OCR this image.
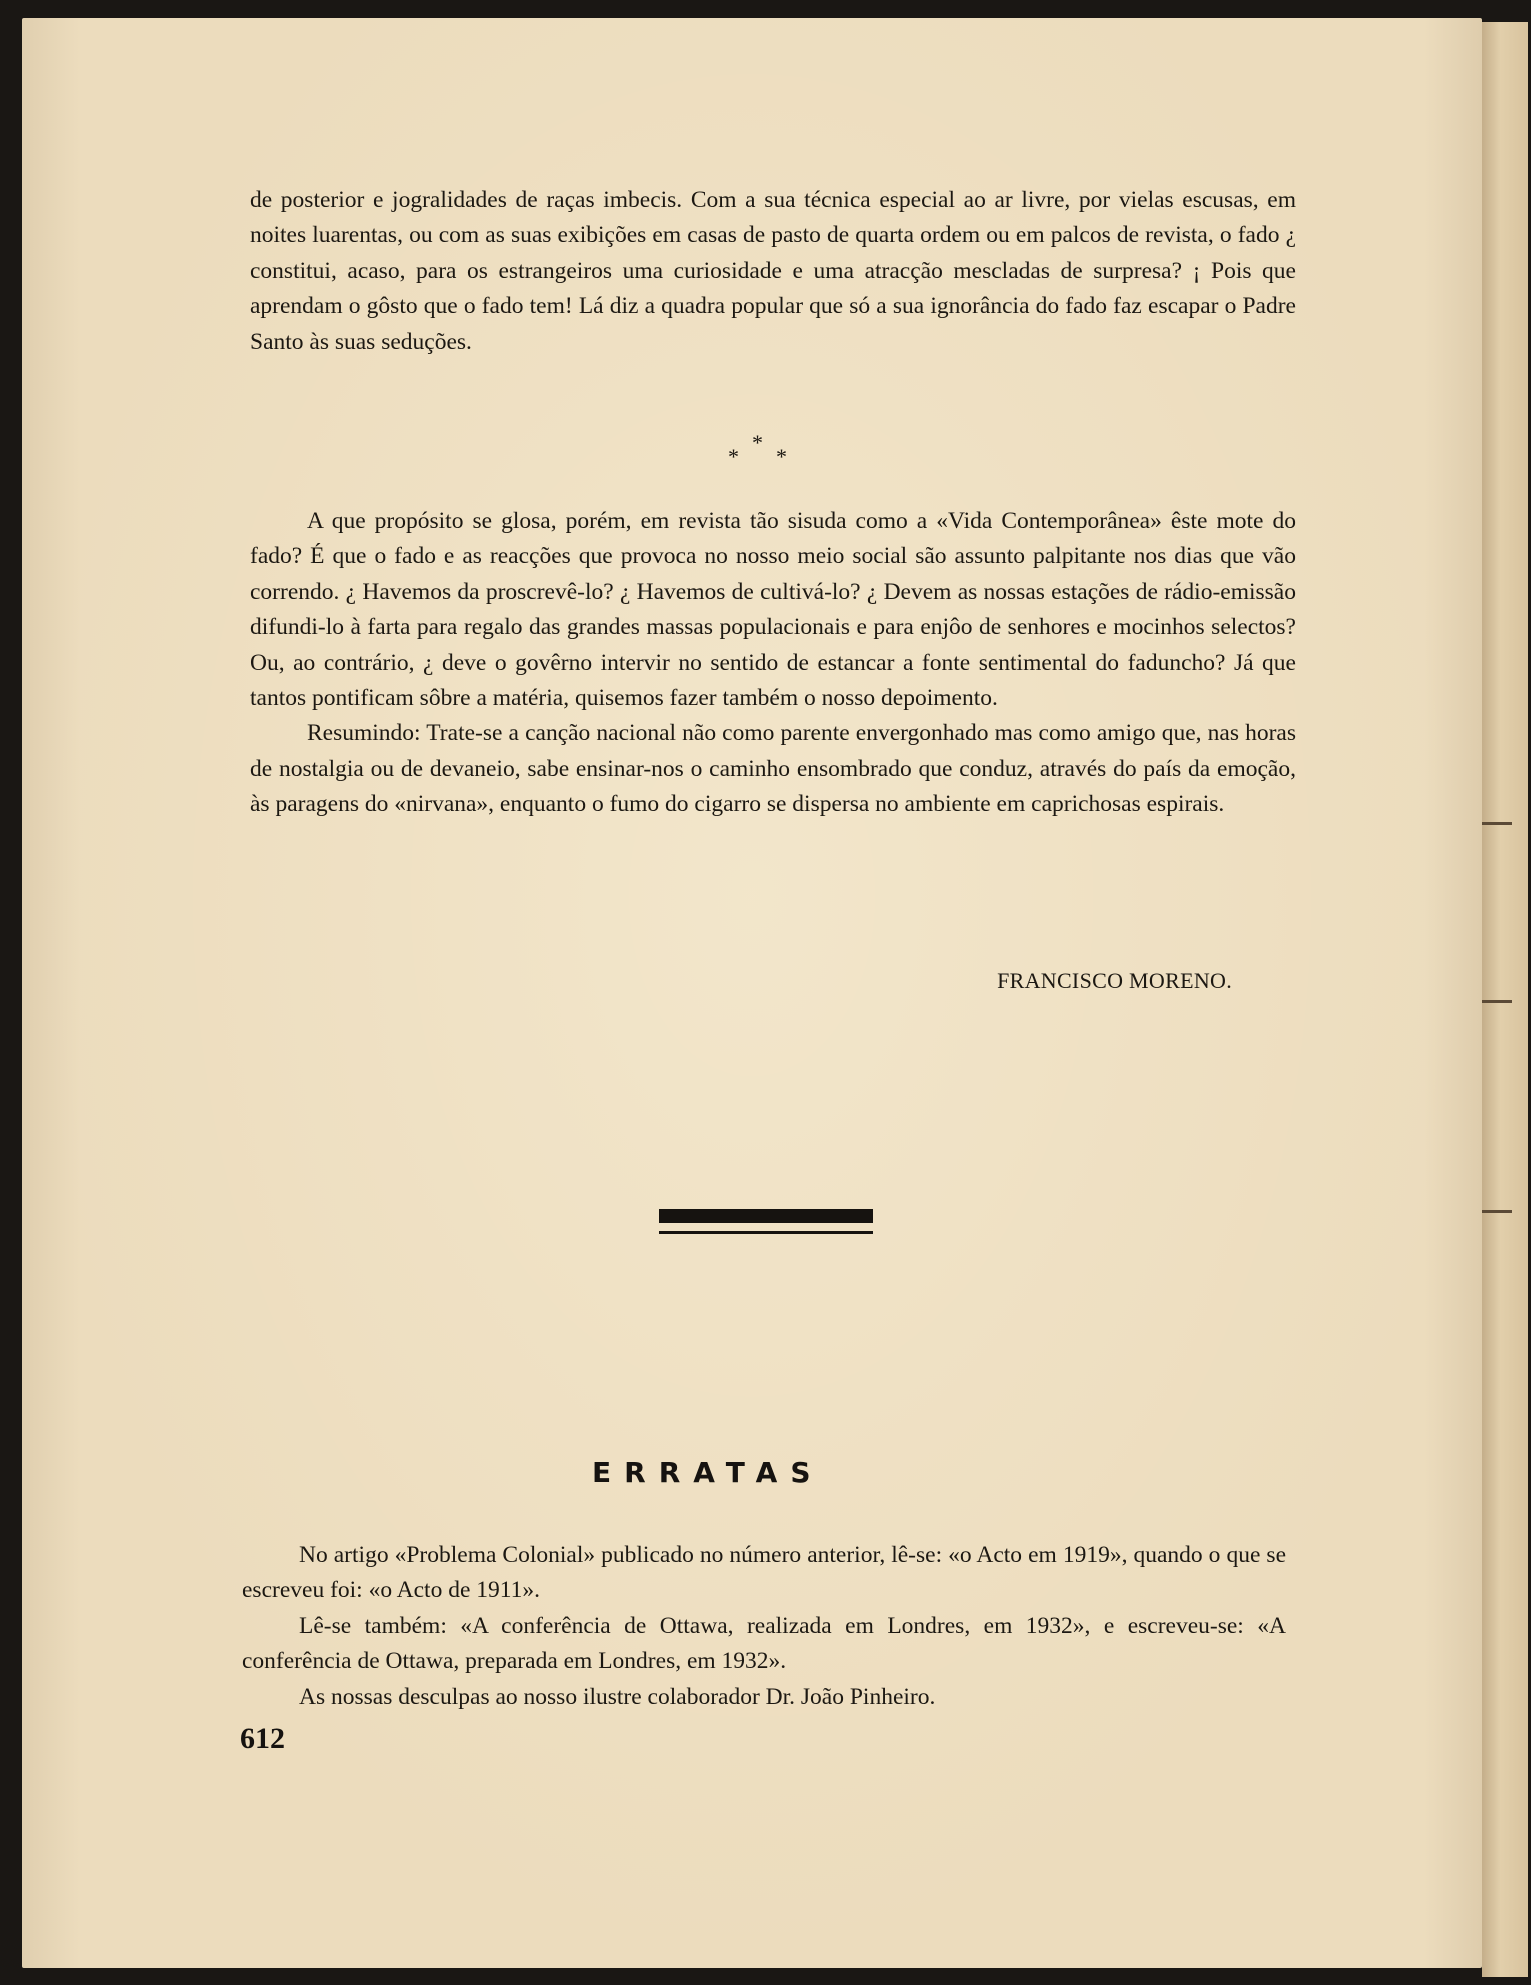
de posterior e jogralidades de raças imbecis. Com a sua técnica especial ao ar livre, por vielas escusas, em noites luarentas, ou com as suas exibições em casas de pasto de quarta ordem ou em palcos de revista, o fado ¿ constitui, acaso, para os estrangeiros uma curiosidade e uma atracção mescladas de surpresa? ¡ Pois que aprendam o gôsto que o fado tem! Lá diz a quadra popular que só a sua ignorância do fado faz escapar o Padre Santo às suas seduções.

*
* *

A que propósito se glosa, porém, em revista tão sisuda como a «Vida Contemporânea» êste mote do fado? É que o fado e as reacções que provoca no nosso meio social são assunto palpitante nos dias que vão correndo. ¿ Havemos da proscrevê-lo? ¿ Havemos de cultivá-lo? ¿ Devem as nossas estações de rádio-emissão difundi-lo à farta para regalo das grandes massas populacionais e para enjôo de senhores e mocinhos selectos? Ou, ao contrário, ¿ deve o govêrno intervir no sentido de estancar a fonte sentimental do faduncho? Já que tantos pontificam sôbre a matéria, quisemos fazer também o nosso depoimento.

Resumindo: Trate-se a canção nacional não como parente envergonhado mas como amigo que, nas horas de nostalgia ou de devaneio, sabe ensinar-nos o caminho ensombrado que conduz, através do país da emoção, às paragens do «nirvana», enquanto o fumo do cigarro se dispersa no ambiente em caprichosas espirais.

FRANCISCO MORENO.
ERRATAS

No artigo «Problema Colonial» publicado no número anterior, lê-se: «o Acto em 1919», quando o que se escreveu foi: «o Acto de 1911».

Lê-se também: «A conferência de Ottawa, realizada em Londres, em 1932», e escreveu-se: «A conferência de Ottawa, preparada em Londres, em 1932».

As nossas desculpas ao nosso ilustre colaborador Dr. João Pinheiro.

612
